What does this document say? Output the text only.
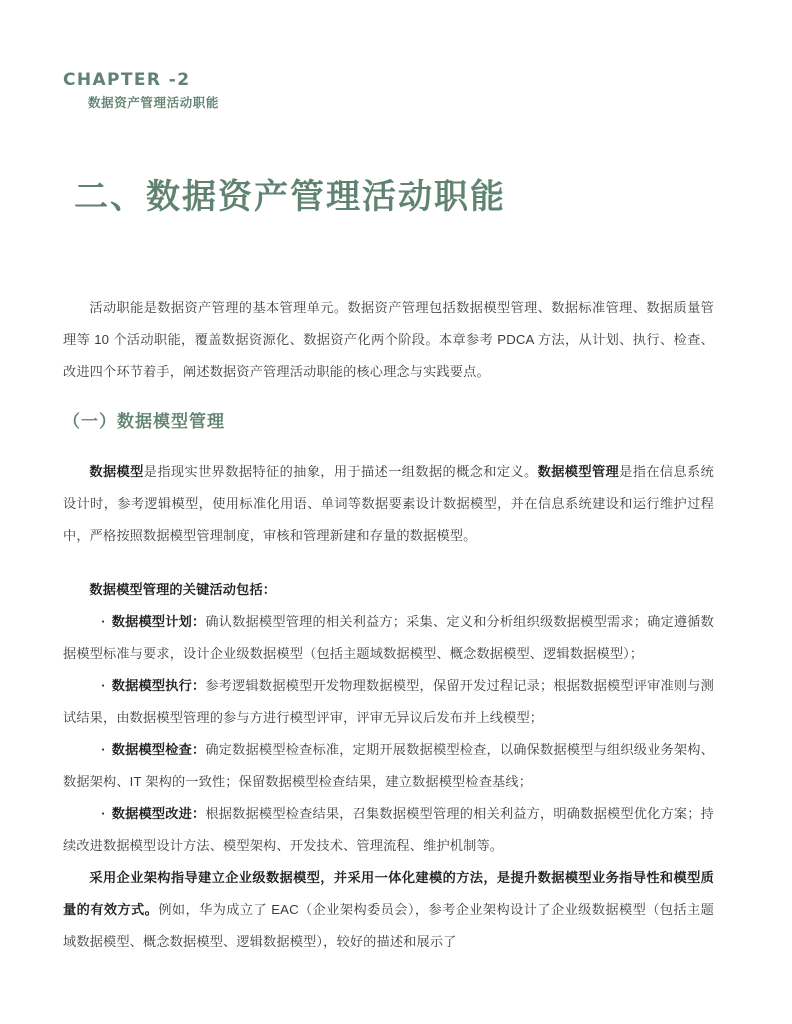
CHAPTER -2
数据资产管理活动职能
二、数据资产管理活动职能

活动职能是数据资产管理的基本管理单元。数据资产管理包括数据模型管理、数据标准管理、数据质量管理等 10 个活动职能，覆盖数据资源化、数据资产化两个阶段。本章参考 PDCA 方法，从计划、执行、检查、改进四个环节着手，阐述数据资产管理活动职能的核心理念与实践要点。

（一）数据模型管理

数据模型是指现实世界数据特征的抽象，用于描述一组数据的概念和定义。数据模型管理是指在信息系统设计时，参考逻辑模型，使用标准化用语、单词等数据要素设计数据模型，并在信息系统建设和运行维护过程中，严格按照数据模型管理制度，审核和管理新建和存量的数据模型。

数据模型管理的关键活动包括：

· 数据模型计划：确认数据模型管理的相关利益方；采集、定义和分析组织级数据模型需求；确定遵循数据模型标准与要求，设计企业级数据模型（包括主题域数据模型、概念数据模型、逻辑数据模型）；

· 数据模型执行：参考逻辑数据模型开发物理数据模型，保留开发过程记录；根据数据模型评审准则与测试结果，由数据模型管理的参与方进行模型评审，评审无异议后发布并上线模型；

· 数据模型检查：确定数据模型检查标准，定期开展数据模型检查，以确保数据模型与组织级业务架构、数据架构、IT 架构的一致性；保留数据模型检查结果，建立数据模型检查基线；

· 数据模型改进：根据数据模型检查结果，召集数据模型管理的相关利益方，明确数据模型优化方案；持续改进数据模型设计方法、模型架构、开发技术、管理流程、维护机制等。

采用企业架构指导建立企业级数据模型，并采用一体化建模的方法，是提升数据模型业务指导性和模型质量的有效方式。例如，华为成立了 EAC（企业架构委员会），参考企业架构设计了企业级数据模型（包括主题域数据模型、概念数据模型、逻辑数据模型），较好的描述和展示了
